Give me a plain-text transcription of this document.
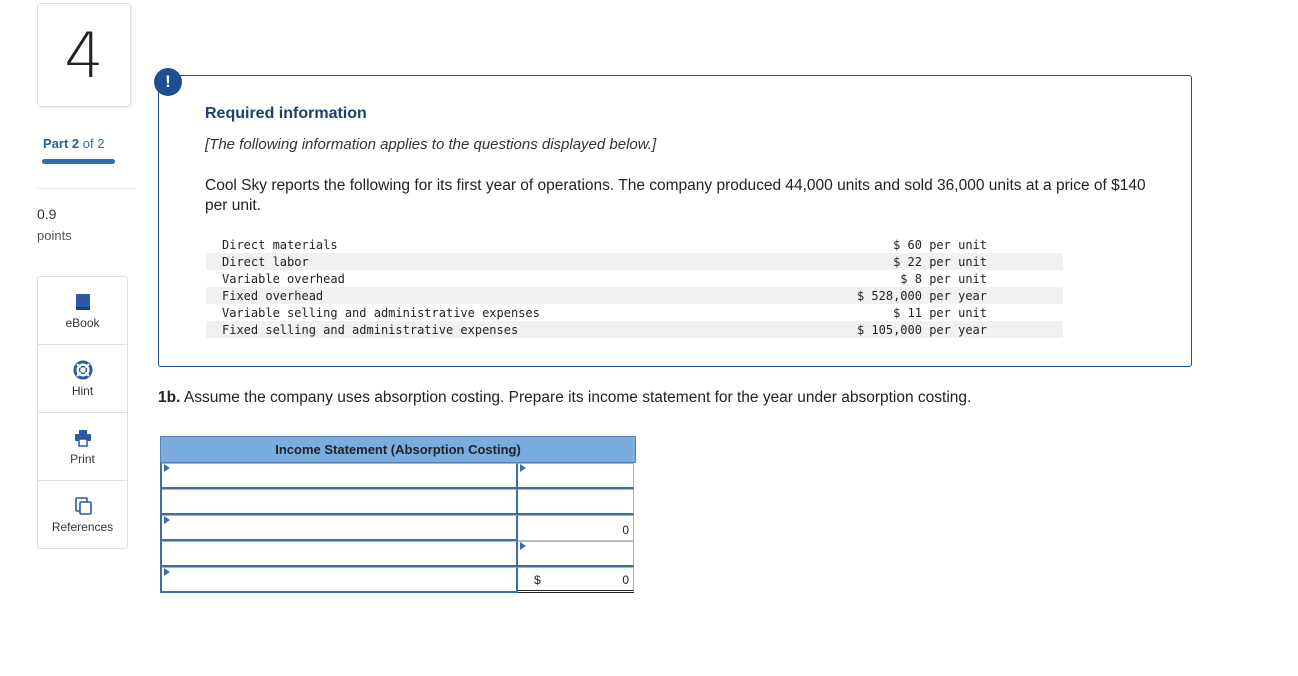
4
Part 2 of 2
0.9
points
eBook
Hint
Print
References
!
Required information
[The following information applies to the questions displayed below.]
Cool Sky reports the following for its first year of operations. The company produced 44,000 units and sold 36,000 units at a price of $140 per unit.
Direct materials	$ 60 per unit
Direct labor	$ 22 per unit
Variable overhead	$ 8 per unit
Fixed overhead	$ 528,000 per year
Variable selling and administrative expenses	$ 11 per unit
Fixed selling and administrative expenses	$ 105,000 per year
1b. Assume the company uses absorption costing. Prepare its income statement for the year under absorption costing.
Income Statement (Absorption Costing)
0
$	0
